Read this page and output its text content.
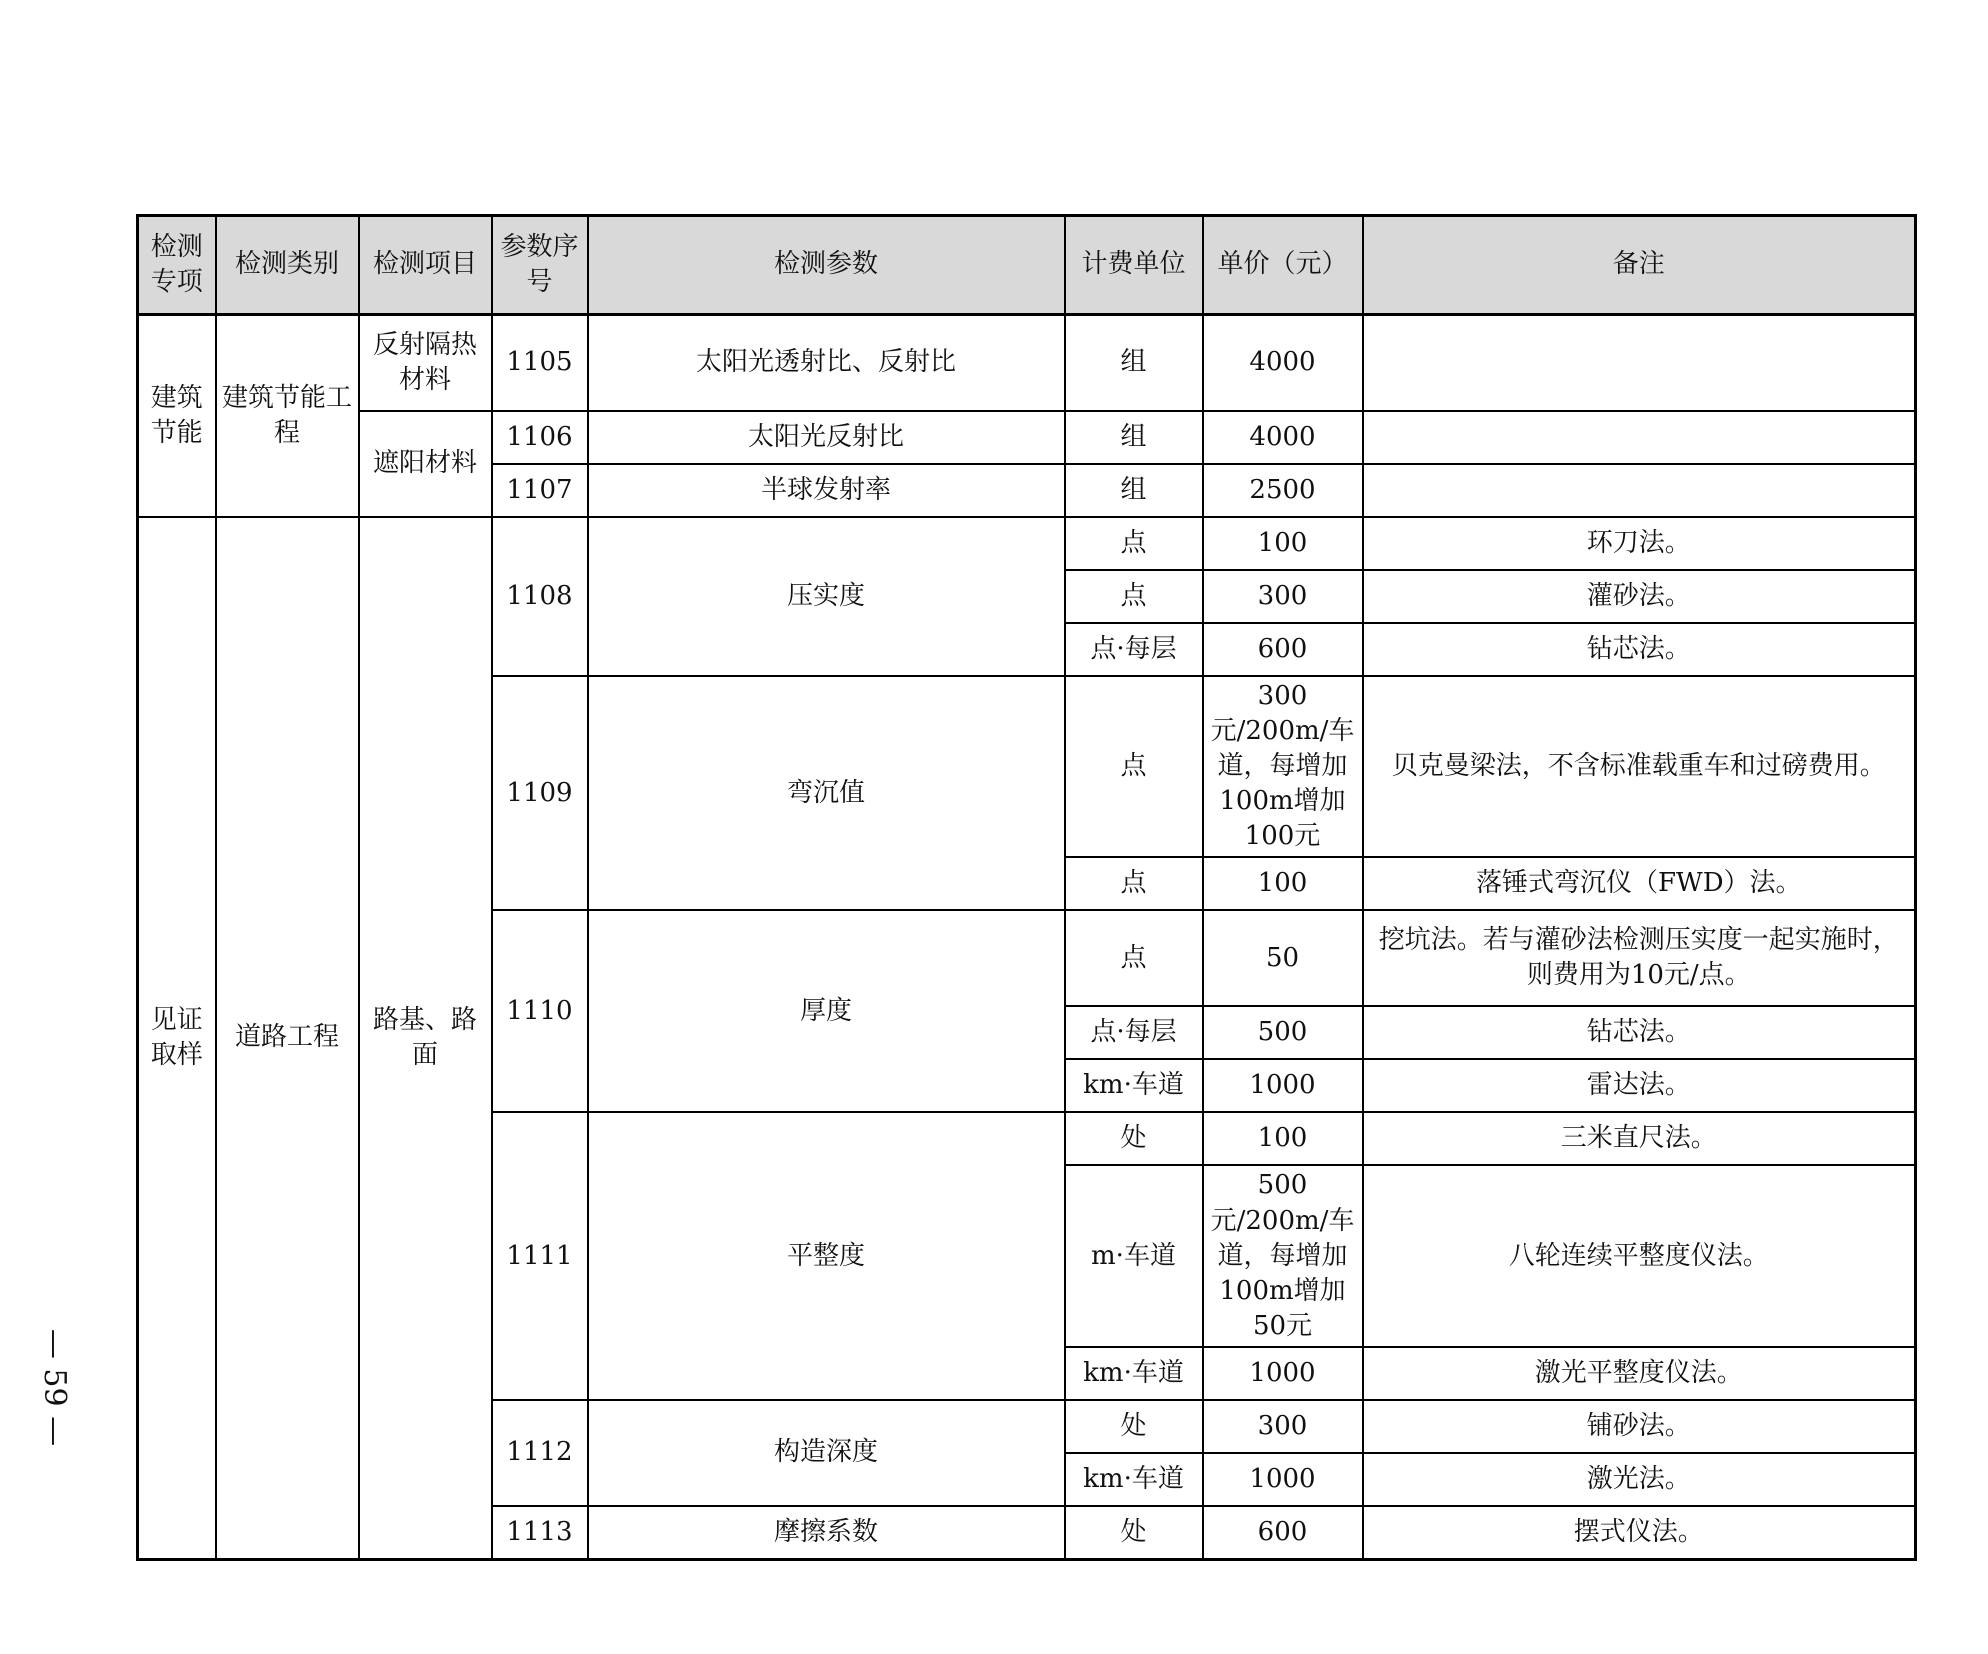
— 59 —
检测专项	检测类别	检测项目	参数序号	检测参数	计费单位	单价（元）	备注
建筑节能	建筑节能工程	反射隔热材料	1105	太阳光透射比、反射比	组	4000	
		遮阳材料	1106	太阳光反射比	组	4000	
			1107	半球发射率	组	2500	
见证取样	道路工程	路基、路面	1108	压实度	点	100	环刀法。
					点	300	灌砂法。
					点·每层	600	钻芯法。
			1109	弯沉值	点	300元/200m/车道，每增加100m增加100元	贝克曼梁法，不含标准载重车和过磅费用。
					点	100	落锤式弯沉仪（FWD）法。
			1110	厚度	点	50	挖坑法。若与灌砂法检测压实度一起实施时，则费用为10元/点。
					点·每层	500	钻芯法。
					km·车道	1000	雷达法。
			1111	平整度	处	100	三米直尺法。
					m·车道	500元/200m/车道，每增加100m增加50元	八轮连续平整度仪法。
					km·车道	1000	激光平整度仪法。
			1112	构造深度	处	300	铺砂法。
					km·车道	1000	激光法。
			1113	摩擦系数	处	600	摆式仪法。
